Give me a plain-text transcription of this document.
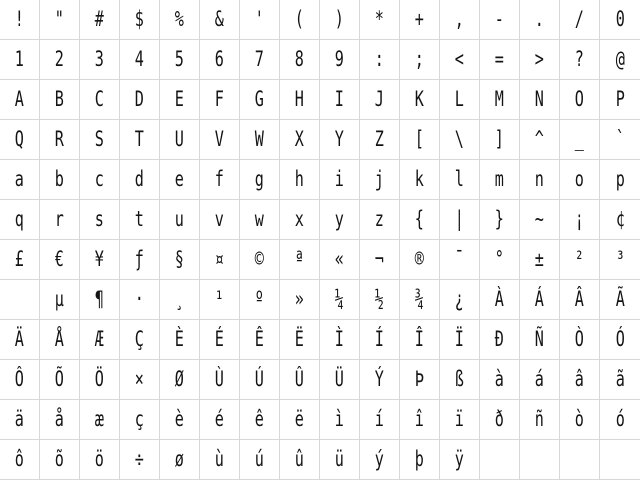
! " # $ % & ' ( ) * + , - . / 0
1 2 3 4 5 6 7 8 9 : ; < = > ? @
A B C D E F G H I J K L M N O P
Q R S T U V W X Y Z [ \ ] ^ _ `
a b c d e f g h i j k l m n o p
q r s t u v w x y z { | } ~ ¡ ¢
£ € ¥ ƒ § ¤ © ª « ¬ ® ¯ ° ± ² ³
µ ¶ · ¸ ¹ º » ¼ ½ ¾ ¿ À Á Â Ã
Ä Å Æ Ç È É Ê Ë Ì Í Î Ï Ð Ñ Ò Ó
Ô Õ Ö × Ø Ù Ú Û Ü Ý Þ ß à á â ã
ä å æ ç è é ê ë ì í î ï ð ñ ò ó
ô õ ö ÷ ø ù ú û ü ý þ ÿ
